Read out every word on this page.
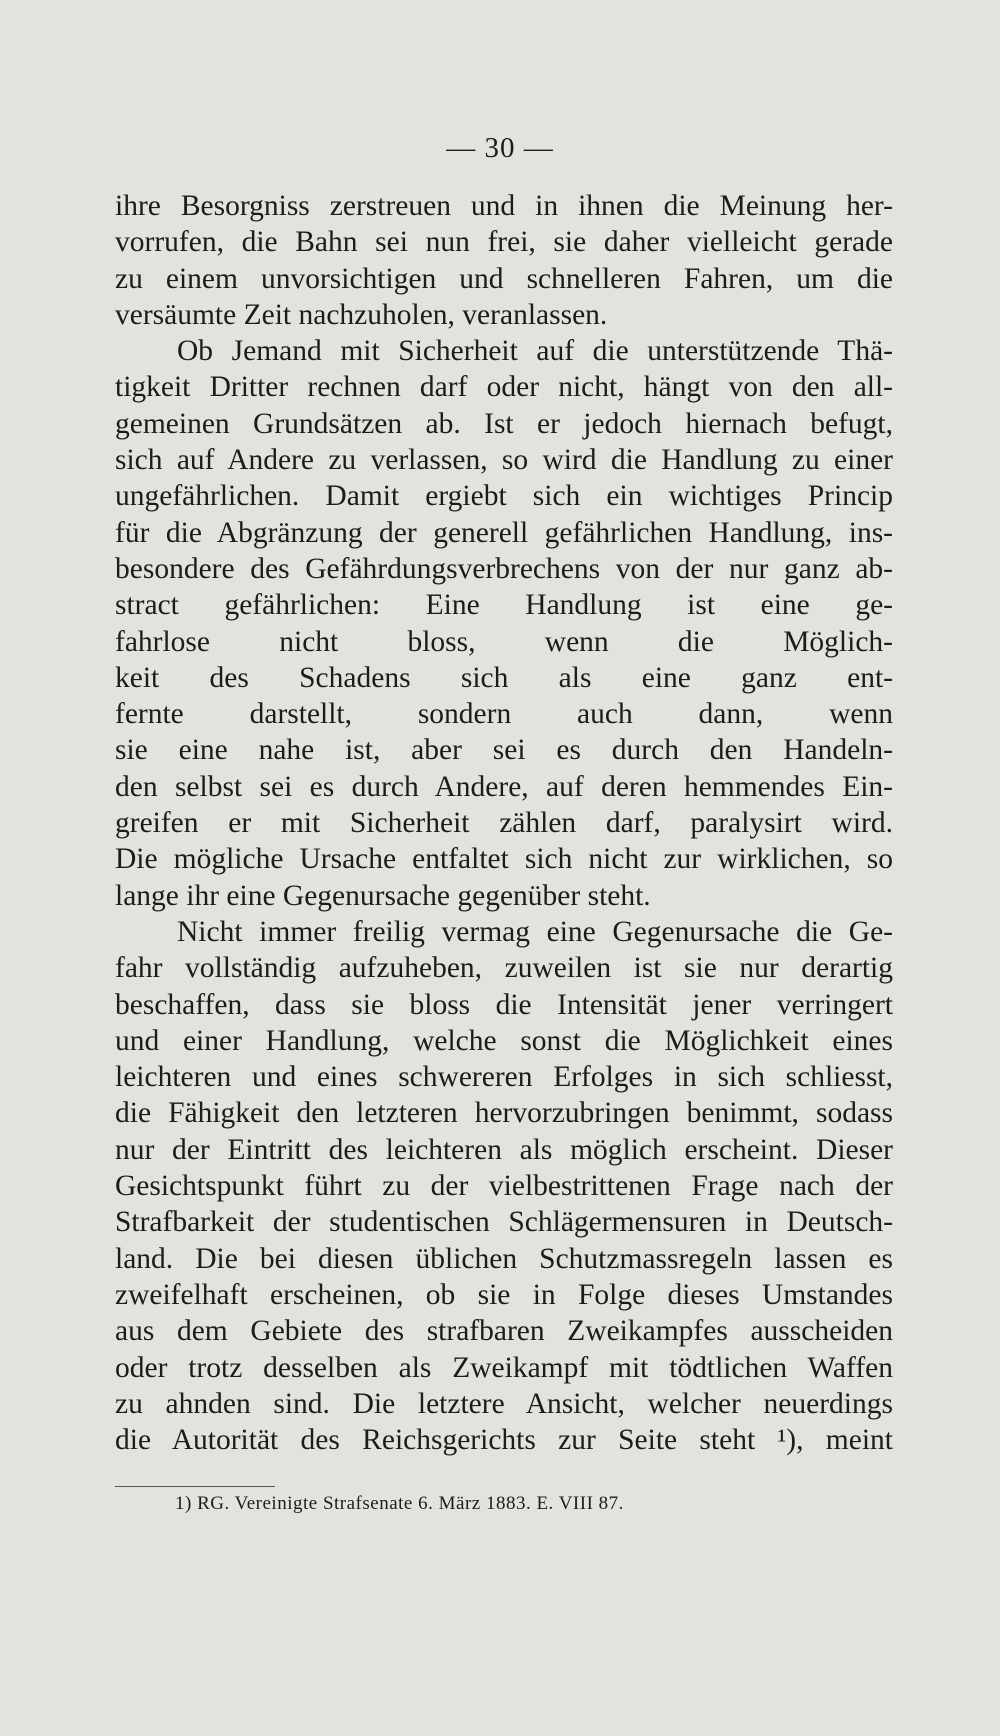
— 30 —
ihre Besorgniss zerstreuen und in ihnen die Meinung her-
vorrufen, die Bahn sei nun frei, sie daher vielleicht gerade
zu einem unvorsichtigen und schnelleren Fahren, um die
versäumte Zeit nachzuholen, veranlassen.
Ob Jemand mit Sicherheit auf die unterstützende Thä-
tigkeit Dritter rechnen darf oder nicht, hängt von den all-
gemeinen Grundsätzen ab. Ist er jedoch hiernach befugt,
sich auf Andere zu verlassen, so wird die Handlung zu einer
ungefährlichen. Damit ergiebt sich ein wichtiges Princip
für die Abgränzung der generell gefährlichen Handlung, ins-
besondere des Gefährdungsverbrechens von der nur ganz ab-
stract gefährlichen: Eine Handlung ist eine ge-
fahrlose nicht bloss, wenn die Möglich-
keit des Schadens sich als eine ganz ent-
fernte darstellt, sondern auch dann, wenn
sie eine nahe ist, aber sei es durch den Handeln-
den selbst sei es durch Andere, auf deren hemmendes Ein-
greifen er mit Sicherheit zählen darf, paralysirt wird.
Die mögliche Ursache entfaltet sich nicht zur wirklichen, so
lange ihr eine Gegenursache gegenüber steht.
Nicht immer freilig vermag eine Gegenursache die Ge-
fahr vollständig aufzuheben, zuweilen ist sie nur derartig
beschaffen, dass sie bloss die Intensität jener verringert
und einer Handlung, welche sonst die Möglichkeit eines
leichteren und eines schwereren Erfolges in sich schliesst,
die Fähigkeit den letzteren hervorzubringen benimmt, sodass
nur der Eintritt des leichteren als möglich erscheint. Dieser
Gesichtspunkt führt zu der vielbestrittenen Frage nach der
Strafbarkeit der studentischen Schlägermensuren in Deutsch-
land. Die bei diesen üblichen Schutzmassregeln lassen es
zweifelhaft erscheinen, ob sie in Folge dieses Umstandes
aus dem Gebiete des strafbaren Zweikampfes ausscheiden
oder trotz desselben als Zweikampf mit tödtlichen Waffen
zu ahnden sind. Die letztere Ansicht, welcher neuerdings
die Autorität des Reichsgerichts zur Seite steht ¹), meint
1) RG. Vereinigte Strafsenate 6. März 1883. E. VIII 87.
